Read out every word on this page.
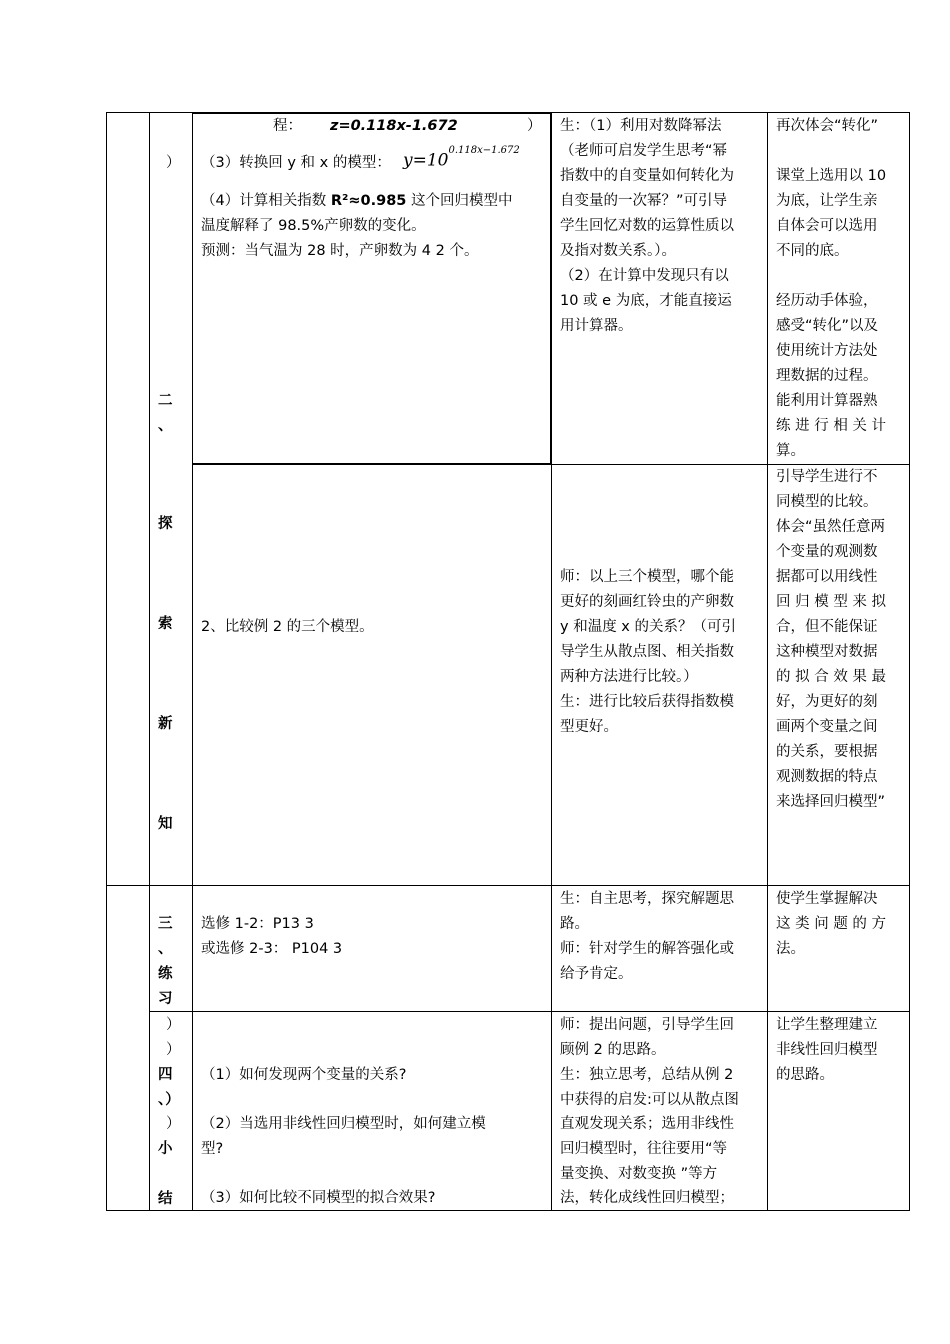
）
二
、
探
索
新
知
程： z=0.118x-1.672	）
（3）转换回 y 和 x 的模型： $y=10^{0.118x-1.672}$
（4）计算相关指数 R²≈0.985 这个回归模型中
温度解释了 98.5%产卵数的变化。
预测：当气温为 28 时，产卵数为 4 2 个。
2、比较例 2 的三个模型。
生：（1）利用对数降幂法
（老师可启发学生思考“幂
指数中的自变量如何转化为
自变量的一次幂？”可引导
学生回忆对数的运算性质以
及指对数关系。）。
（2）在计算中发现只有以
10 或 e 为底，才能直接运
用计算器。
师：以上三个模型，哪个能
更好的刻画红铃虫的产卵数
y 和温度 x 的关系？（可引
导学生从散点图、相关指数
两种方法进行比较。）
生：进行比较后获得指数模
型更好。
再次体会“转化”
课堂上选用以 10
为底，让学生亲
自体会可以选用
不同的底。
经历动手体验，
感受“转化”以及
使用统计方法处
理数据的过程。
能利用计算器熟
练 进 行 相 关 计
算。
引导学生进行不
同模型的比较。
体会“虽然任意两
个变量的观测数
据都可以用线性
回 归 模 型 来 拟
合，但不能保证
这种模型对数据
的 拟 合 效 果 最
好，为更好的刻
画两个变量之间
的关系，要根据
观测数据的特点
来选择回归模型”
三
、
练
习
选修 1-2：P13 3
或选修 2-3： P104 3
生：自主思考，探究解题思
路。
师：针对学生的解答强化或
给予肯定。
使学生掌握解决
这 类 问 题 的 方
法。
）
）
四
、）
）
小
结
（1）如何发现两个变量的关系?
（2）当选用非线性回归模型时，如何建立模
型?
（3）如何比较不同模型的拟合效果?
师：提出问题，引导学生回
顾例 2 的思路。
生：独立思考，总结从例 2
中获得的启发:可以从散点图
直观发现关系；选用非线性
回归模型时，往往要用“等
量变换、对数变换 ”等方
法，转化成线性回归模型；
让学生整理建立
非线性回归模型
的思路。
